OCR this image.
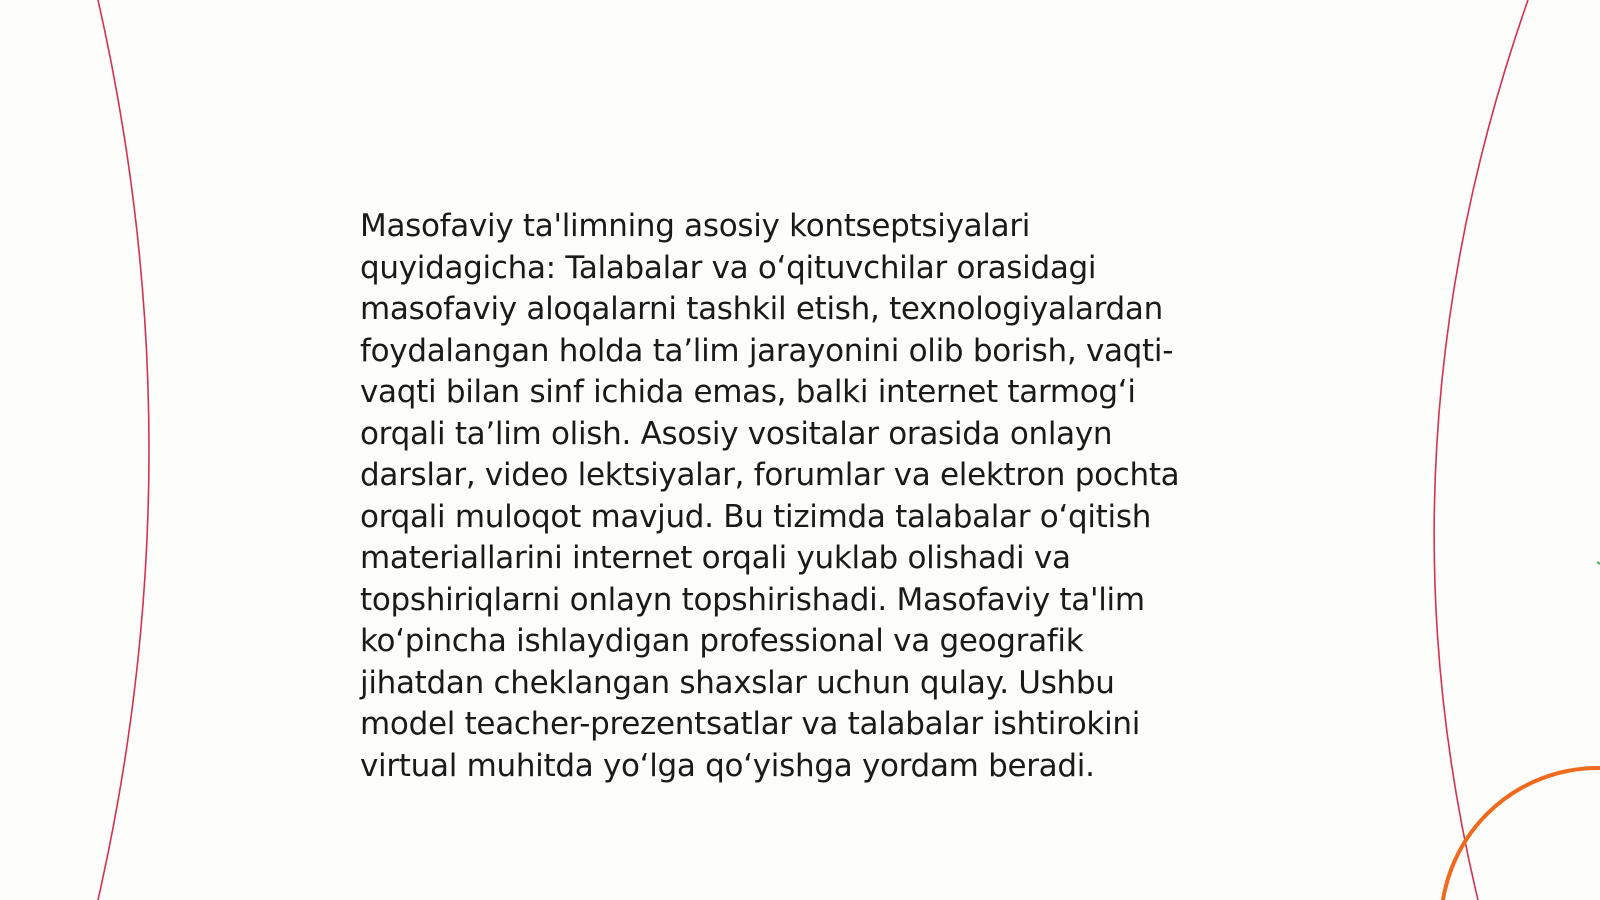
Masofaviy ta'limning asosiy kontseptsiyalari
quyidagicha: Talabalar va o‘qituvchilar orasidagi
masofaviy aloqalarni tashkil etish, texnologiyalardan
foydalangan holda ta’lim jarayonini olib borish, vaqti-
vaqti bilan sinf ichida emas, balki internet tarmog‘i
orqali ta’lim olish. Asosiy vositalar orasida onlayn
darslar, video lektsiyalar, forumlar va elektron pochta
orqali muloqot mavjud. Bu tizimda talabalar o‘qitish
materiallarini internet orqali yuklab olishadi va
topshiriqlarni onlayn topshirishadi. Masofaviy ta'lim
ko‘pincha ishlaydigan professional va geografik
jihatdan cheklangan shaxslar uchun qulay. Ushbu
model teacher-prezentsatlar va talabalar ishtirokini
virtual muhitda yo‘lga qo‘yishga yordam beradi.
